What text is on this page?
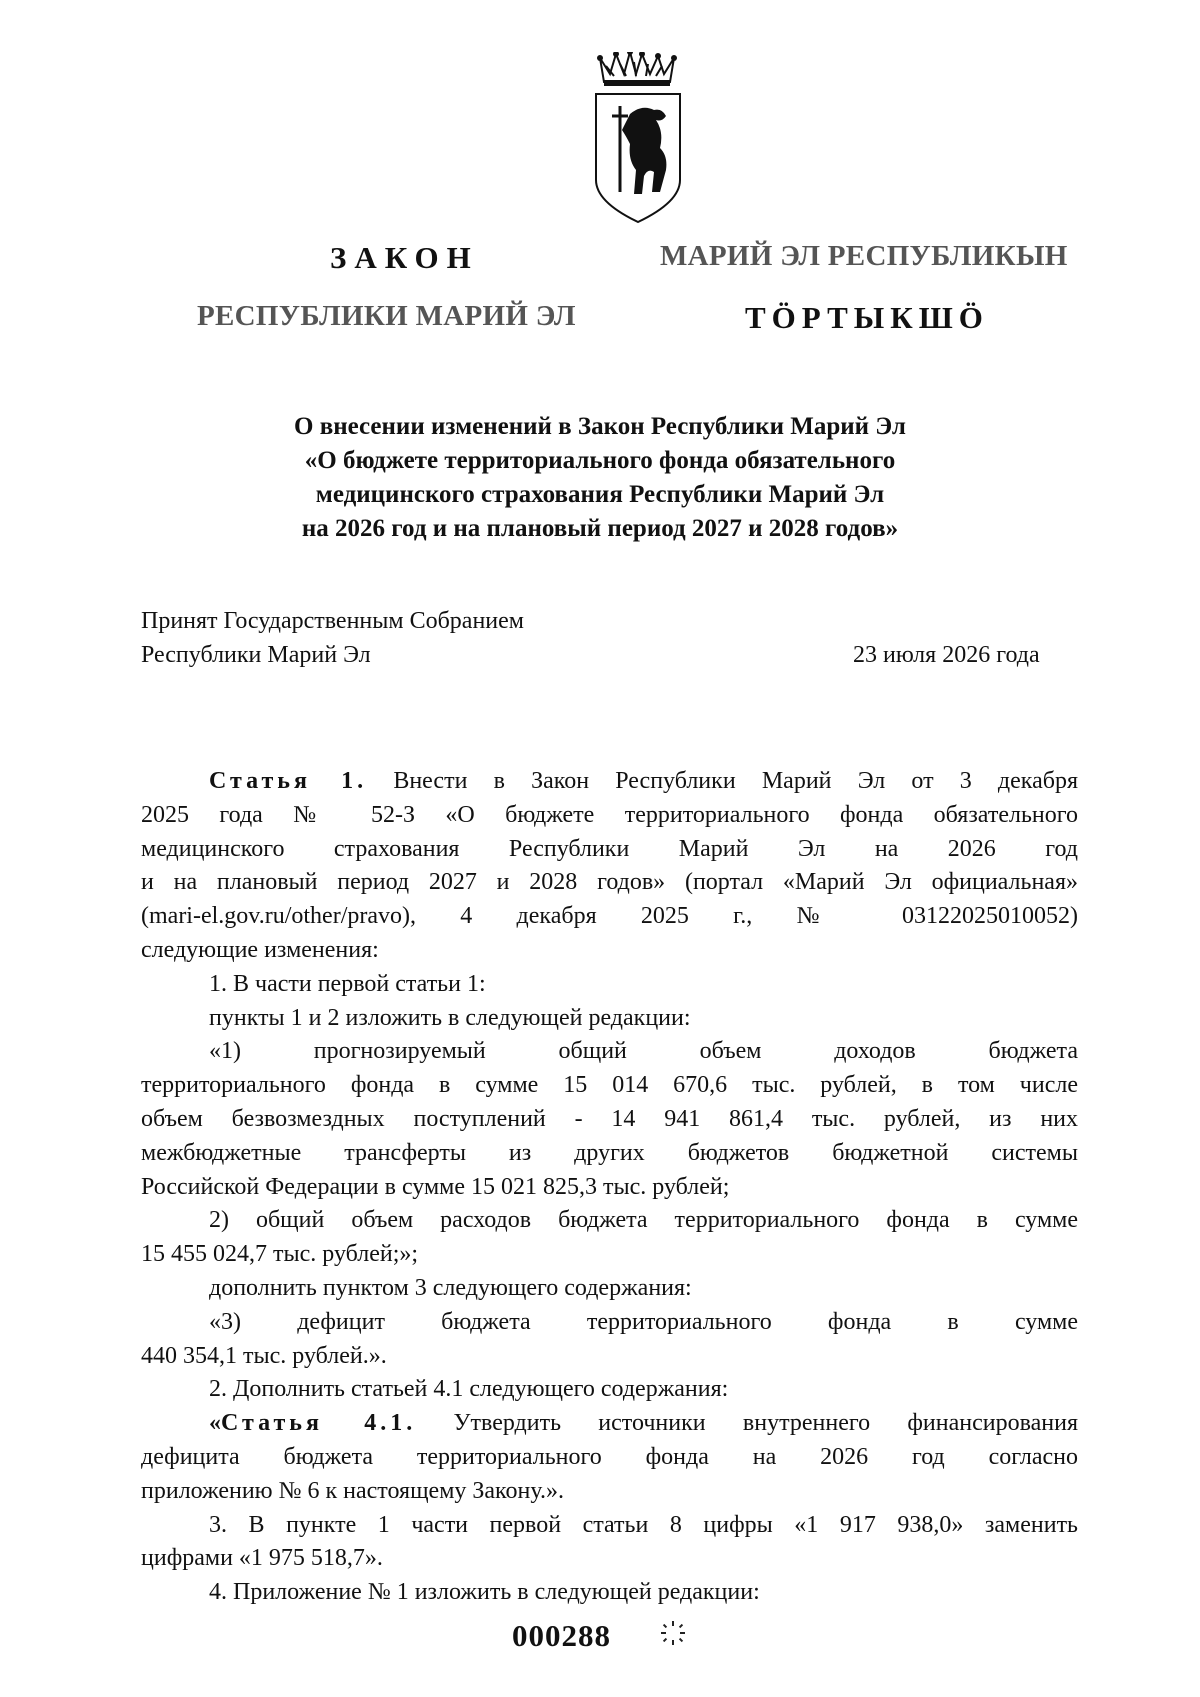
ЗАКОН
РЕСПУБЛИКИ МАРИЙ ЭЛ
МАРИЙ ЭЛ РЕСПУБЛИКЫН
ТӦРТЫКШӦ
О внесении изменений в Закон Республики Марий Эл
«О бюджете территориального фонда обязательного
медицинского страхования Республики Марий Эл
на 2026 год и на плановый период 2027 и 2028 годов»
Принят Государственным Собранием
Республики Марий Эл	23 июля 2026 года
Статья 1. Внести в Закон Республики Марий Эл от 3 декабря
2025 года № 52-З «О бюджете территориального фонда обязательного
медицинского страхования Республики Марий Эл на 2026 год
и на плановый период 2027 и 2028 годов» (портал «Марий Эл официальная»
(mari-el.gov.ru/other/pravo), 4 декабря 2025 г., № 03122025010052)
следующие изменения:
1. В части первой статьи 1:
пункты 1 и 2 изложить в следующей редакции:
«1) прогнозируемый общий объем доходов бюджета
территориального фонда в сумме 15 014 670,6 тыс. рублей, в том числе
объем безвозмездных поступлений - 14 941 861,4 тыс. рублей, из них
межбюджетные трансферты из других бюджетов бюджетной системы
Российской Федерации в сумме 15 021 825,3 тыс. рублей;
2) общий объем расходов бюджета территориального фонда в сумме
15 455 024,7 тыс. рублей;»;
дополнить пунктом 3 следующего содержания:
«3) дефицит бюджета территориального фонда в сумме
440 354,1 тыс. рублей.».
2. Дополнить статьей 4.1 следующего содержания:
«Статья 4.1. Утвердить источники внутреннего финансирования
дефицита бюджета территориального фонда на 2026 год согласно
приложению № 6 к настоящему Закону.».
3. В пункте 1 части первой статьи 8 цифры «1 917 938,0» заменить
цифрами «1 975 518,7».
4. Приложение № 1 изложить в следующей редакции:
000288
